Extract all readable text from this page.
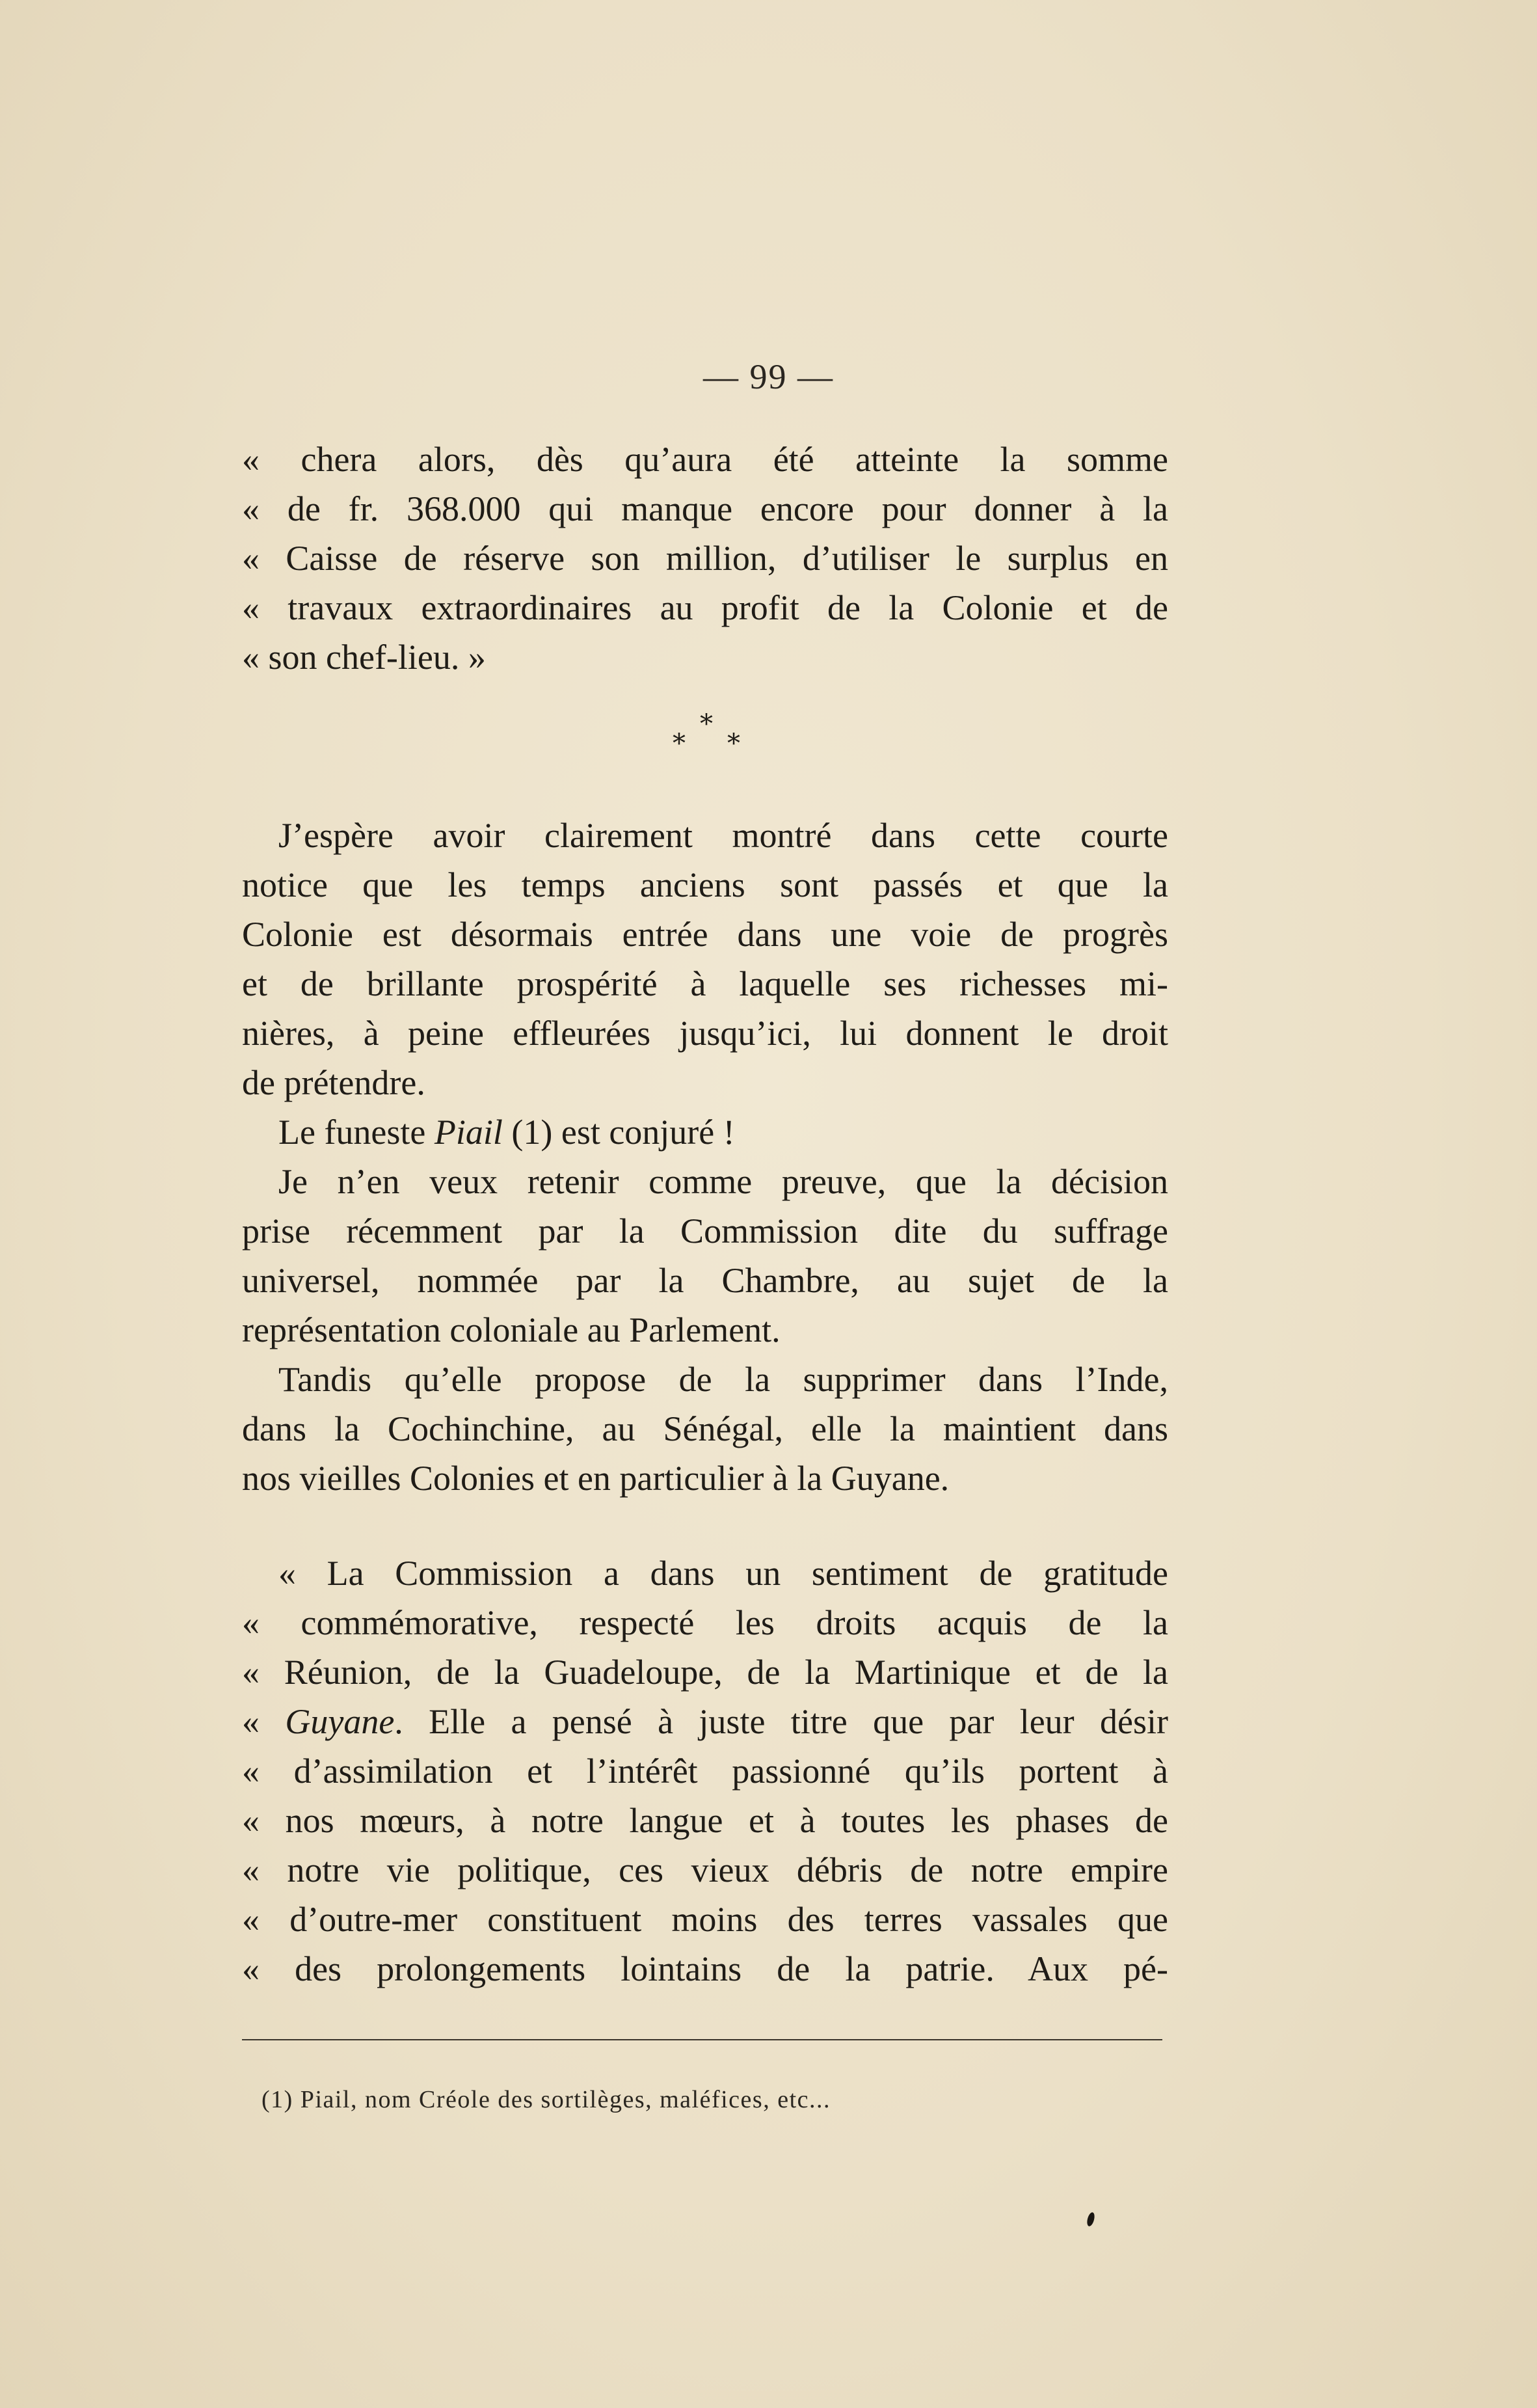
— 99 —
« chera alors, dès qu’aura été atteinte la somme
« de fr. 368.000 qui manque encore pour donner à la
« Caisse de réserve son million, d’utiliser le surplus en
« travaux extraordinaires au profit de la Colonie et de
« son chef-lieu. »
*
* *
J’espère avoir clairement montré dans cette courte
notice que les temps anciens sont passés et que la
Colonie est désormais entrée dans une voie de progrès
et de brillante prospérité à laquelle ses richesses mi-
nières, à peine effleurées jusqu’ici, lui donnent le droit
de prétendre.
Le funeste Piail (1) est conjuré !
Je n’en veux retenir comme preuve, que la décision
prise récemment par la Commission dite du suffrage
universel, nommée par la Chambre, au sujet de la
représentation coloniale au Parlement.
Tandis qu’elle propose de la supprimer dans l’Inde,
dans la Cochinchine, au Sénégal, elle la maintient dans
nos vieilles Colonies et en particulier à la Guyane.
« La Commission a dans un sentiment de gratitude
« commémorative, respecté les droits acquis de la
« Réunion, de la Guadeloupe, de la Martinique et de la
« Guyane. Elle a pensé à juste titre que par leur désir
« d’assimilation et l’intérêt passionné qu’ils portent à
« nos mœurs, à notre langue et à toutes les phases de
« notre vie politique, ces vieux débris de notre empire
« d’outre-mer constituent moins des terres vassales que
« des prolongements lointains de la patrie. Aux pé-
(1) Piail, nom Créole des sortilèges, maléfices, etc...
